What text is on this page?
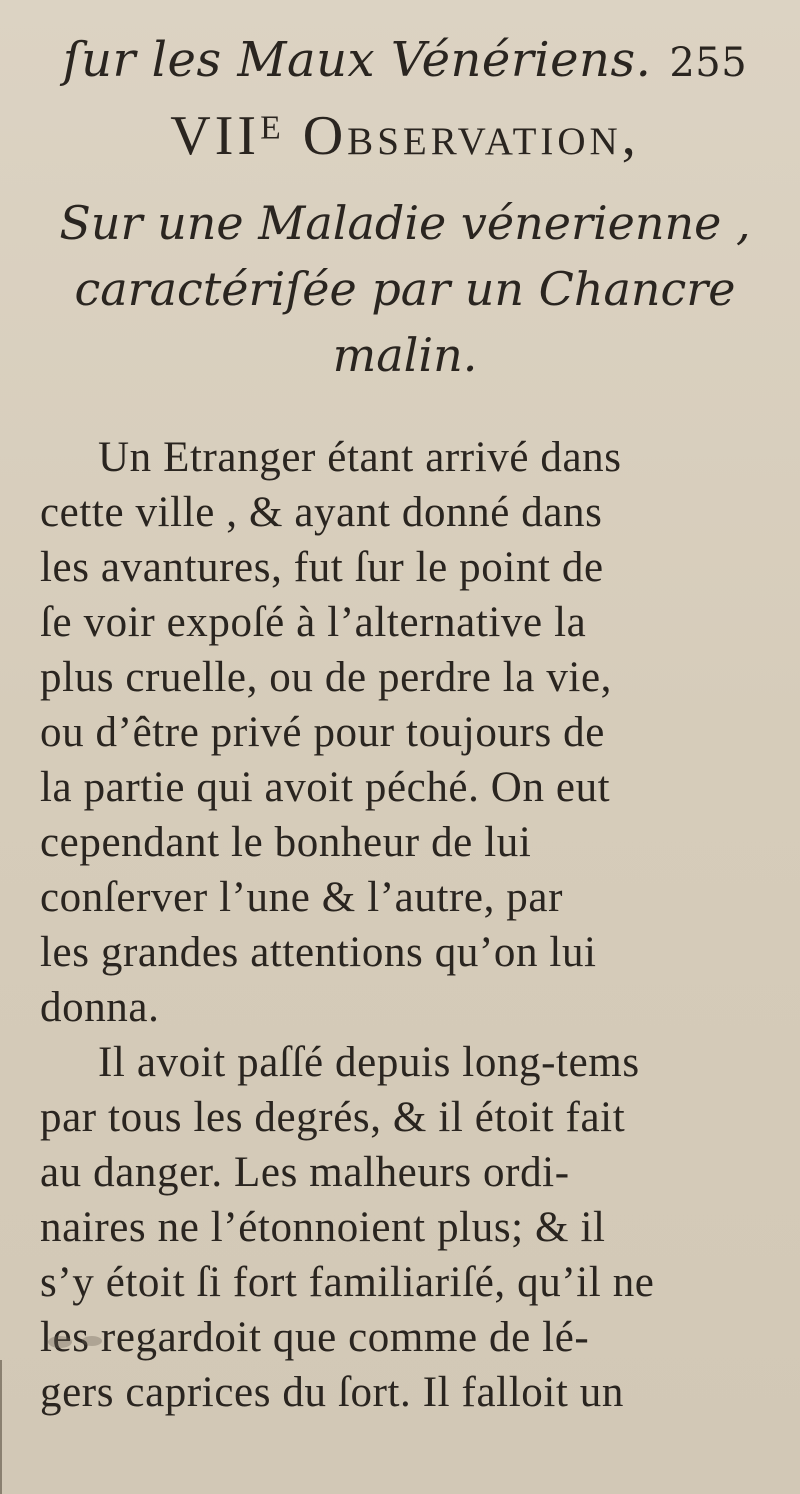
ſur les Maux Vénériens. 255
VIIᴱ Observation,
Sur une Maladie vénerienne ,
caractériſée par un Chancre
malin.
Un Etranger étant arrivé dans
cette ville , & ayant donné dans
les avantures, fut ſur le point de
ſe voir expoſé à l’alternative la
plus cruelle, ou de perdre la vie,
ou d’être privé pour toujours de
la partie qui avoit péché. On eut
cependant le bonheur de lui
conſerver l’une & l’autre, par
les grandes attentions qu’on lui
donna.
Il avoit paſſé depuis long-tems
par tous les degrés, & il étoit fait
au danger. Les malheurs ordi-
naires ne l’étonnoient plus; & il
s’y étoit ſi fort familiariſé, qu’il ne
les regardoit que comme de lé-
gers caprices du ſort. Il falloit un
